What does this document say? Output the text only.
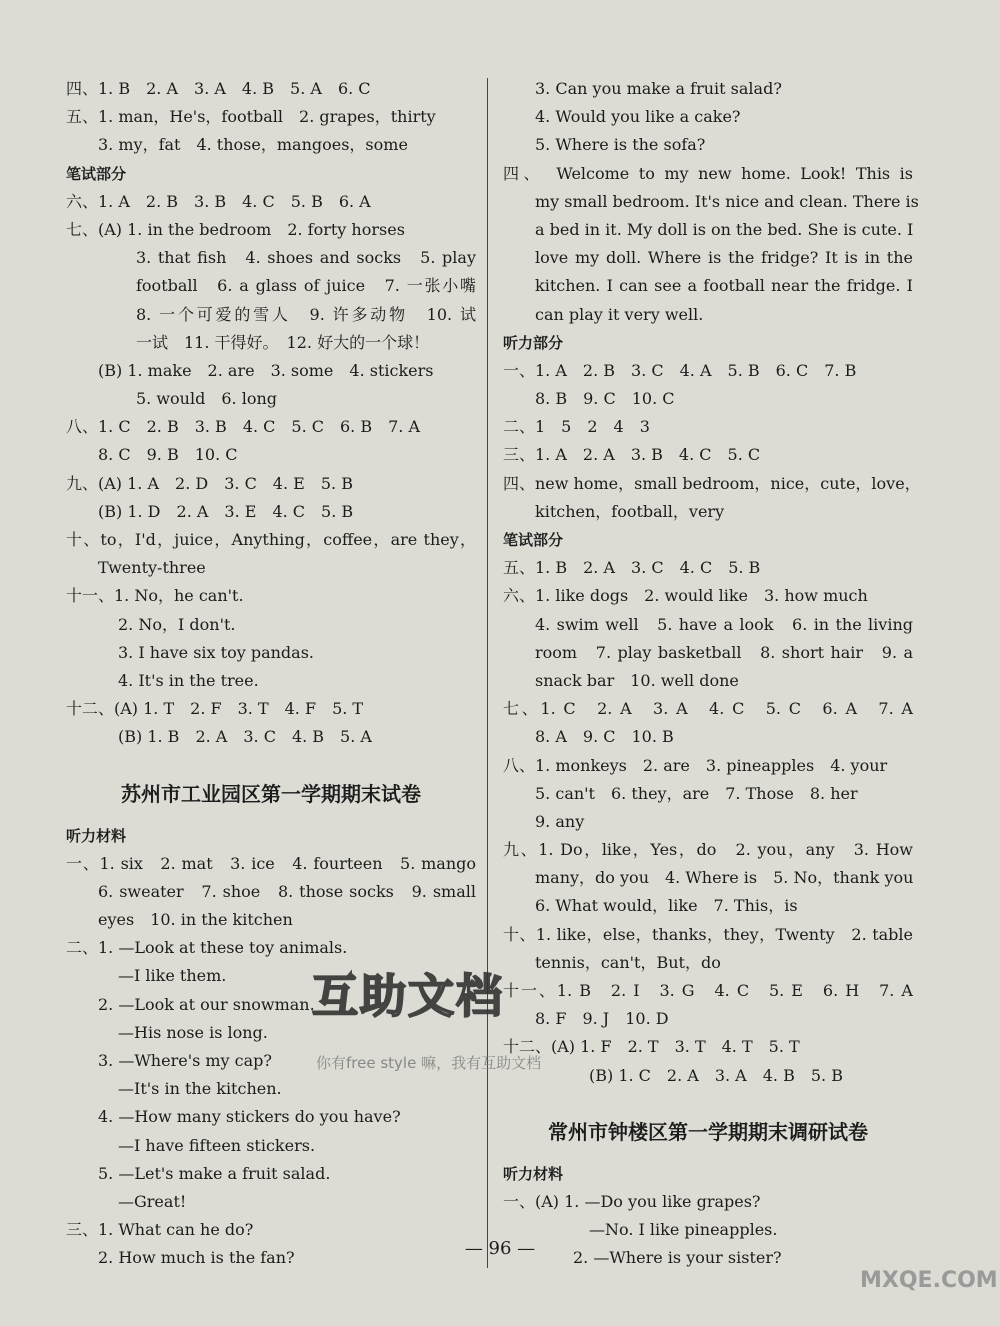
四、1. B　2. A　3. A　4. B　5. A　6. C
五、1. man，He's，football　2. grapes，thirty
3. my，fat　4. those，mangoes，some
笔试部分
六、1. A　2. B　3. B　4. C　5. B　6. A
七、(A) 1. in the bedroom　2. forty horses
3. that fish　4. shoes and socks　5. play
football　6. a glass of juice　7. 一张小嘴
8. 一个可爱的雪人　9. 许多动物　10. 试
一试　11. 干得好。　12. 好大的一个球！
(B) 1. make　2. are　3. some　4. stickers
5. would　6. long
八、1. C　2. B　3. B　4. C　5. C　6. B　7. A
8. C　9. B　10. C
九、(A) 1. A　2. D　3. C　4. E　5. B
(B) 1. D　2. A　3. E　4. C　5. B
十、to，I'd，juice，Anything，coffee，are they，
Twenty-three
十一、1. No，he can't.
2. No，I don't.
3. I have six toy pandas.
4. It's in the tree.
十二、(A) 1. T　2. F　3. T　4. F　5. T
(B) 1. B　2. A　3. C　4. B　5. A
苏州市工业园区第一学期期末试卷
听力材料
一、1. six　2. mat　3. ice　4. fourteen　5. mango
6. sweater　7. shoe　8. those socks　9. small
eyes　10. in the kitchen
二、1. —Look at these toy animals.
—I like them.
2. —Look at our snowman.
—His nose is long.
3. —Where's my cap?
—It's in the kitchen.
4. —How many stickers do you have?
—I have fifteen stickers.
5. —Let's make a fruit salad.
—Great!
三、1. What can he do?
2. How much is the fan?
3. Can you make a fruit salad?
4. Would you like a cake?
5. Where is the sofa?
四、　Welcome to my new home. Look! This is
my small bedroom. It's nice and clean. There is
a bed in it. My doll is on the bed. She is cute. I
love my doll. Where is the fridge? It is in the
kitchen. I can see a football near the fridge. I
can play it very well.
听力部分
一、1. A　2. B　3. C　4. A　5. B　6. C　7. B
8. B　9. C　10. C
二、1　5　2　4　3
三、1. A　2. A　3. B　4. C　5. C
四、new home，small bedroom，nice，cute，love，
kitchen，football，very
笔试部分
五、1. B　2. A　3. C　4. C　5. B
六、1. like dogs　2. would like　3. how much
4. swim well　5. have a look　6. in the living
room　7. play basketball　8. short hair　9. a
snack bar　10. well done
七、1. C　2. A　3. A　4. C　5. C　6. A　7. A
8. A　9. C　10. B
八、1. monkeys　2. are　3. pineapples　4. your
5. can't　6. they，are　7. Those　8. her
9. any
九、1. Do，like，Yes，do　2. you，any　3. How
many，do you　4. Where is　5. No，thank you
6. What would，like　7. This，is
十、1. like，else，thanks，they，Twenty　2. table
tennis，can't，But，do
十一、1. B　2. I　3. G　4. C　5. E　6. H　7. A
8. F　9. J　10. D
十二、(A) 1. F　2. T　3. T　4. T　5. T
(B) 1. C　2. A　3. A　4. B　5. B
常州市钟楼区第一学期期末调研试卷
听力材料
一、(A) 1. —Do you like grapes?
—No. I like pineapples.
2. —Where is your sister?
— 96 —
互助文档
你有free style 嘛，我有互助文档
MXQE.COM
